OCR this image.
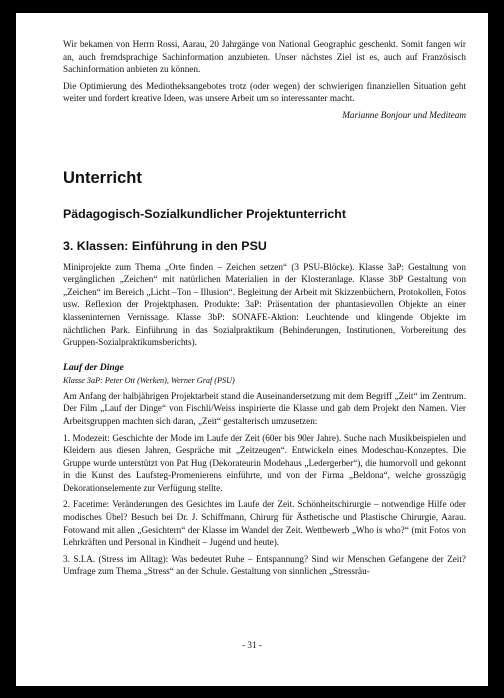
Wir bekamen von Herrn Rossi, Aarau, 20 Jahrgänge von National Geographic geschenkt. Somit fangen wir an, auch fremdsprachige Sachinformation anzubieten. Unser nächstes Ziel ist es, auch auf Französisch Sachinformation anbieten zu können.

Die Optimierung des Mediotheksangebotes trotz (oder wegen) der schwierigen finanziellen Situation geht weiter und fordert kreative Ideen, was unsere Arbeit um so interessanter macht.

Marianne Bonjour und Mediteam

Unterricht
Pädagogisch-Sozialkundlicher Projektunterricht
3. Klassen: Einführung in den PSU

Miniprojekte zum Thema „Orte finden – Zeichen setzen“ (3 PSU-Blöcke). Klasse 3aP: Gestaltung von vergänglichen „Zeichen“ mit natürlichen Materialien in der Klosteranlage. Klasse 3bP Gestaltung von „Zeichen“ im Bereich „Licht –Ton – Illusion“. Begleitung der Arbeit mit Skizzenbüchern, Protokollen, Fotos usw. Reflexion der Projektphasen. Produkte: 3aP: Präsentation der phantasievollen Objekte an einer klasseninternen Vernissage. Klasse 3bP: SONAFE-Aktion: Leuchtende und klingende Objekte im nächtlichen Park. Einführung in das Sozialpraktikum (Behinderungen, Institutionen, Vorbereitung des Gruppen-Sozialpraktikumsberichts).

Lauf der Dinge
Klasse 3aP: Peter Ott (Werken), Werner Graf (PSU)

Am Anfang der halbjährigen Projektarbeit stand die Auseinandersetzung mit dem Begriff „Zeit“ im Zentrum. Der Film „Lauf der Dinge“ von Fischli/Weiss inspirierte die Klasse und gab dem Projekt den Namen. Vier Arbeitsgruppen machten sich daran, „Zeit“ gestalterisch umzusetzen:

1. Modezeit: Geschichte der Mode im Laufe der Zeit (60er bis 90er Jahre). Suche nach Musikbeispielen und Kleidern aus diesen Jahren, Gespräche mit „Zeitzeugen“. Entwickeln eines Modeschau-Konzeptes. Die Gruppe wurde unterstützt von Pat Hug (Dekorateurin Modehaus „Ledergerber“), die humorvoll und gekonnt in die Kunst des Laufsteg-Promenierens einführte, und von der Firma „Beldona“, welche grosszügig Dekorationselemente zur Verfügung stellte.

2. Facetime: Veränderungen des Gesichtes im Laufe der Zeit. Schönheitschirurgie – notwendige Hilfe oder modisches Übel? Besuch bei Dr. J. Schiffmann, Chirurg für Ästhetische und Plastische Chirurgie, Aarau. Fotowand mit allen „Gesichtern“ der Klasse im Wandel der Zeit. Wettbewerb „Who is who?“ (mit Fotos von Lehrkräften und Personal in Kindheit – Jugend und heute).

3. S.I.A. (Stress im Alltag): Was bedeutet Ruhe – Entspannung? Sind wir Menschen Gefangene der Zeit? Umfrage zum Thema „Stress“ an der Schule. Gestaltung von sinnlichen „Stressräu-

- 31 -
